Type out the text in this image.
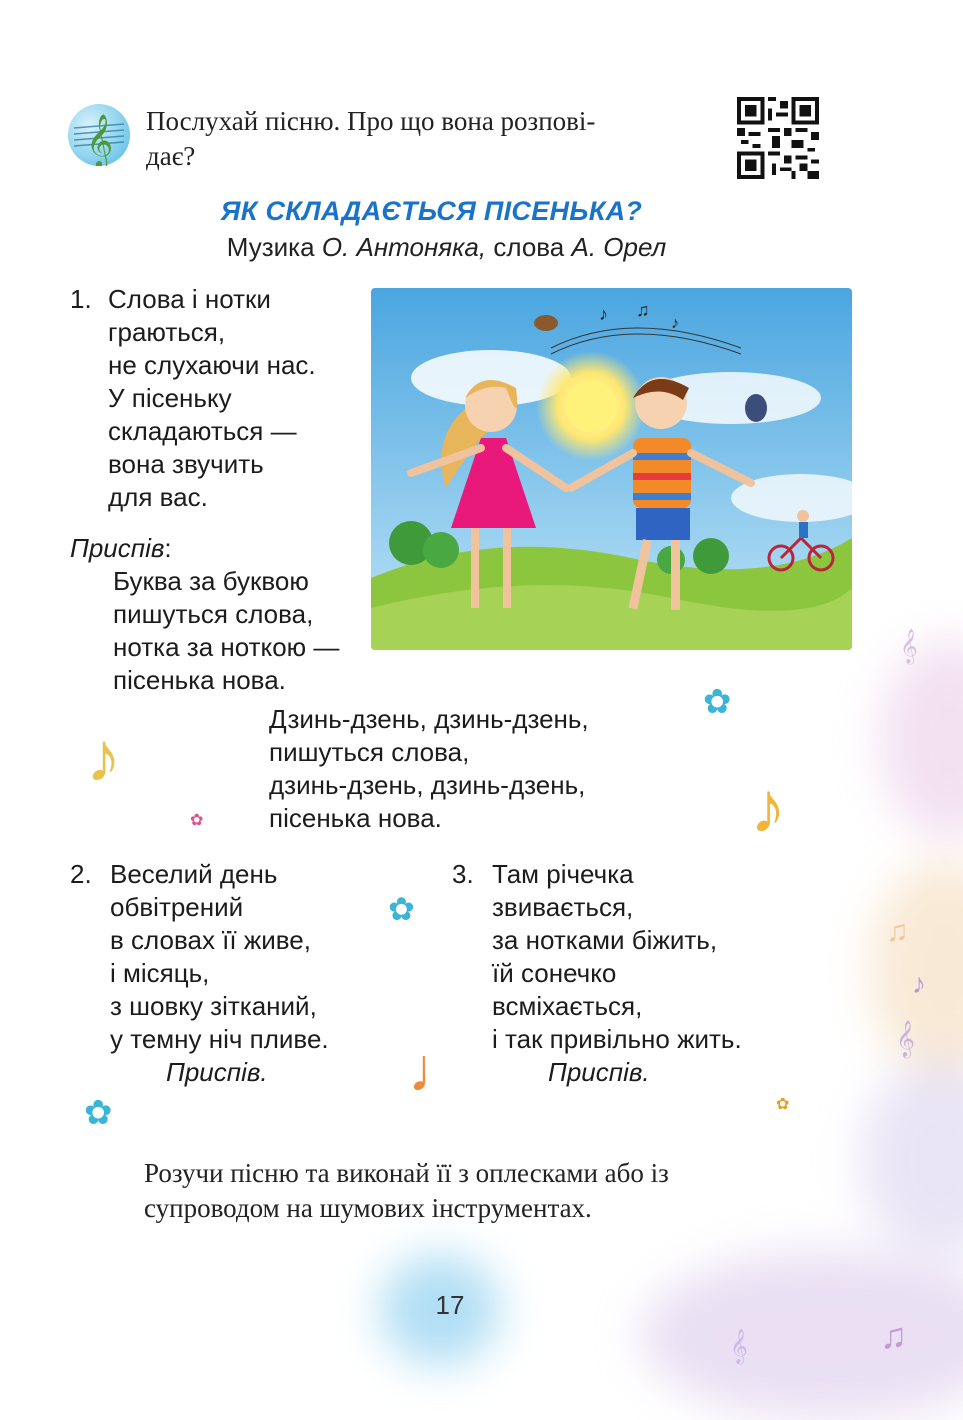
𝄞 Послухай пісню. Про що вона розпові-
дає?
ЯК СКЛАДАЄТЬСЯ ПІСЕНЬКА?
Музика О. Антоняка, слова А. Орел
1. Слова і нотки
граються,
не слухаючи нас.
У пісеньку
складаються —
вона звучить
для вас.
♪ ♫
♪
Приспів:
Буква за буквою
пишуться слова,
нотка за ноткою —
пісенька нова.
Дзинь-дзень, дзинь-дзень,
пишуться слова,
дзинь-дзень, дзинь-дзень,
пісенька нова.
2. Веселий день
обвітрений
в словах її живе,
і місяць,
з шовку зітканий,
у темну ніч пливе.
Приспів.
3. Там річечка
звивається,
за нотками біжить,
їй сонечко
всміхається,
і так привільно жить.
Приспів.
♪
♪
♩
✿
✿
✿
✿
✿
𝄞
♫
♪
𝄞
♫
𝄞
Розучи пісню та виконай її з оплесками або із
супроводом на шумових інструментах.
17
